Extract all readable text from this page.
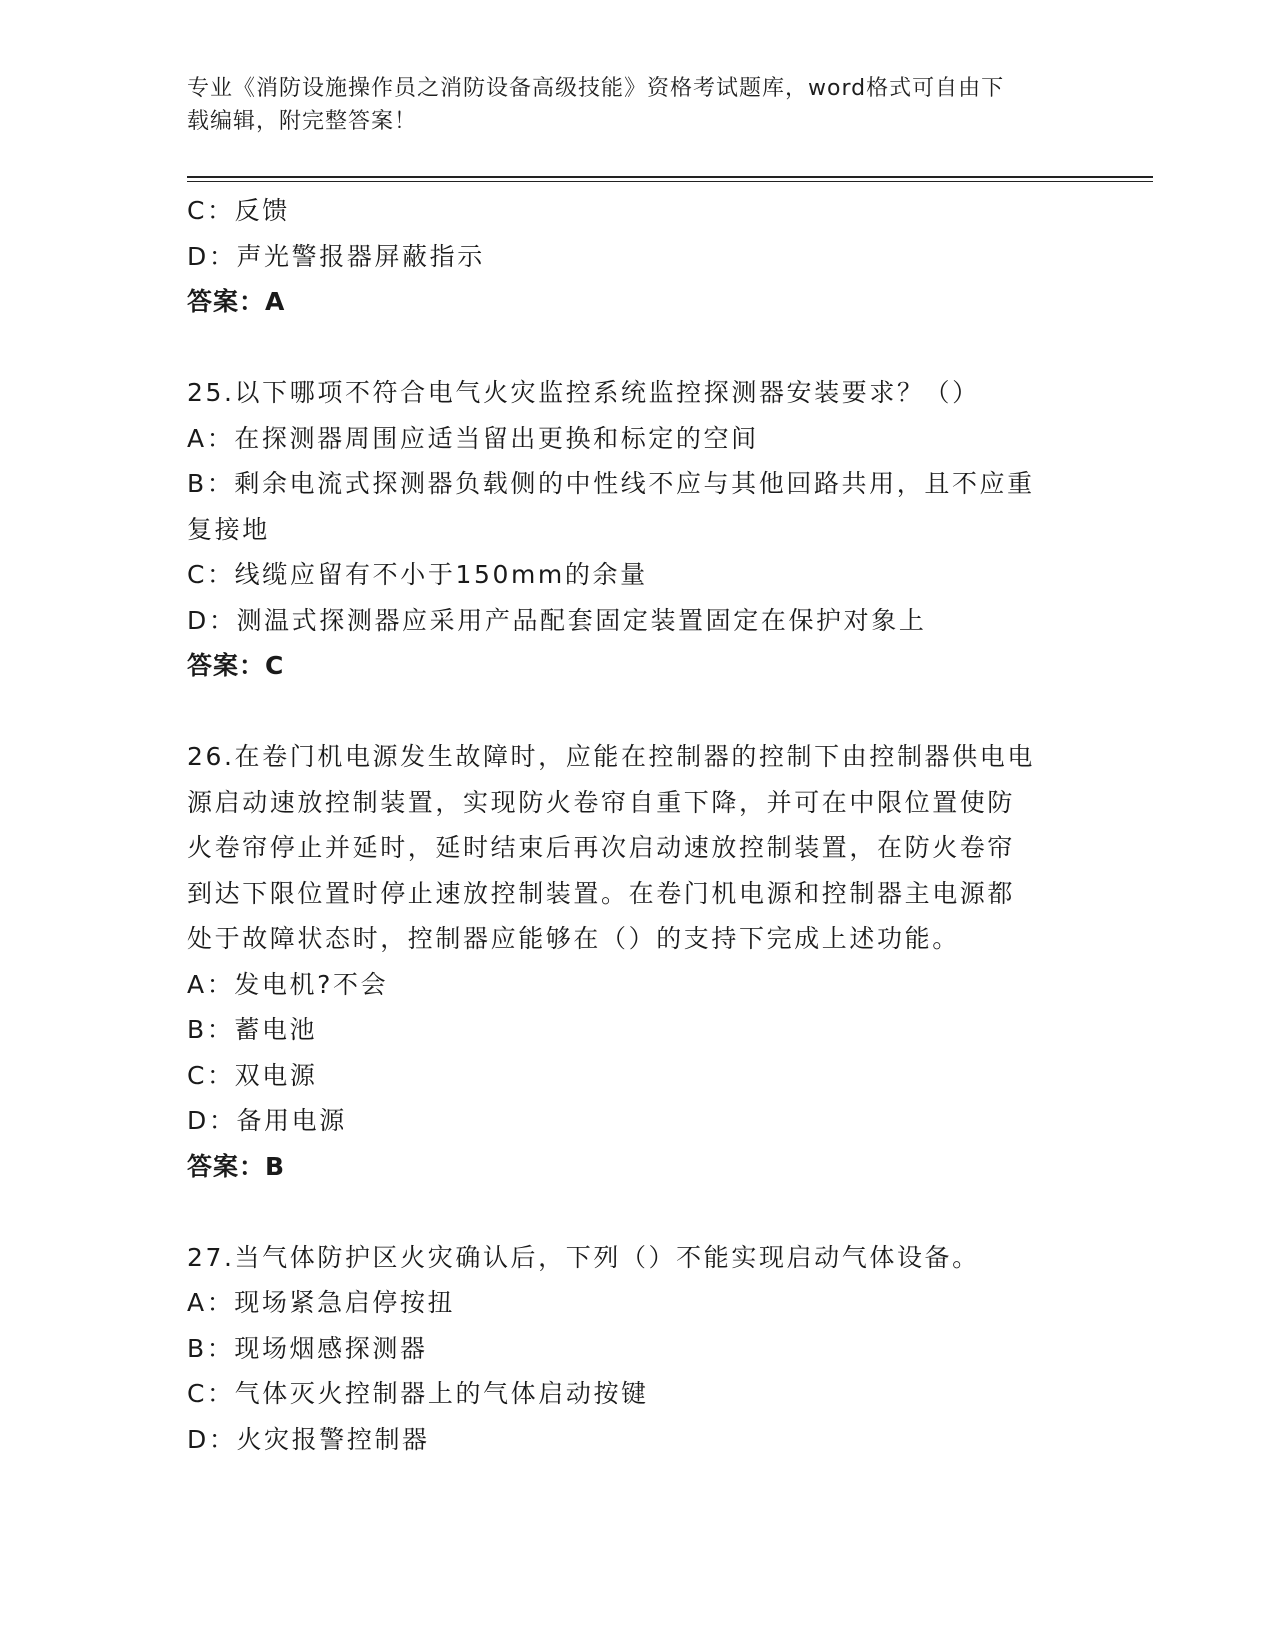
专业《消防设施操作员之消防设备高级技能》资格考试题库，word格式可自由下
载编辑，附完整答案！
C：反馈
D：声光警报器屏蔽指示
答案：A
25.以下哪项不符合电气火灾监控系统监控探测器安装要求？（）
A：在探测器周围应适当留出更换和标定的空间
B：剩余电流式探测器负载侧的中性线不应与其他回路共用，且不应重
复接地
C：线缆应留有不小于150mm的余量
D：测温式探测器应采用产品配套固定装置固定在保护对象上
答案：C
26.在卷门机电源发生故障时，应能在控制器的控制下由控制器供电电
源启动速放控制装置，实现防火卷帘自重下降，并可在中限位置使防
火卷帘停止并延时，延时结束后再次启动速放控制装置，在防火卷帘
到达下限位置时停止速放控制装置。在卷门机电源和控制器主电源都
处于故障状态时，控制器应能够在（）的支持下完成上述功能。
A：发电机?不会
B：蓄电池
C：双电源
D：备用电源
答案：B
27.当气体防护区火灾确认后，下列（）不能实现启动气体设备。
A：现场紧急启停按扭
B：现场烟感探测器
C：气体灭火控制器上的气体启动按键
D：火灾报警控制器
